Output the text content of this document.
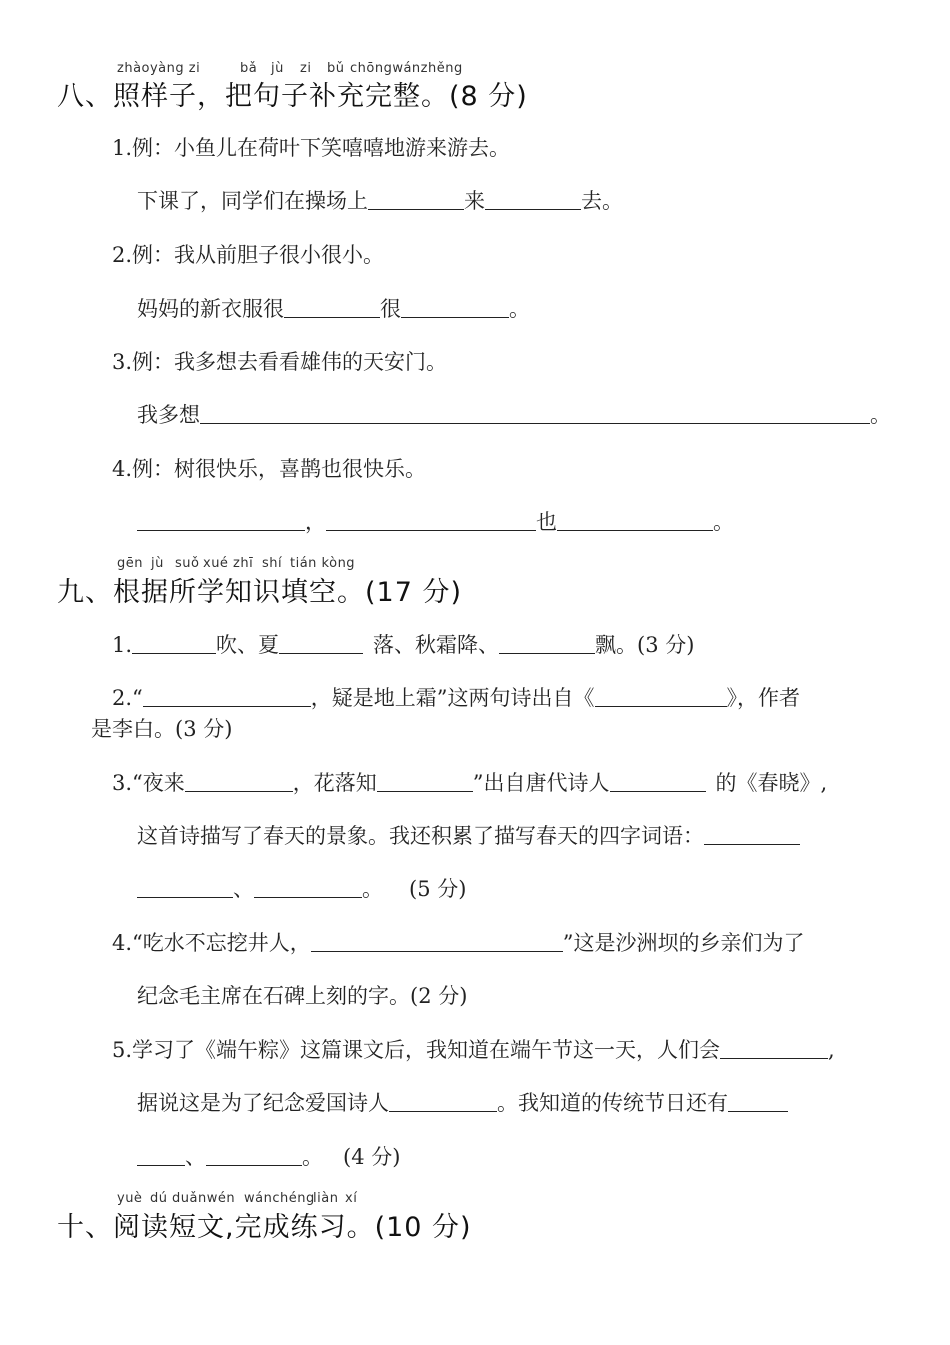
zhàoyàng zi	bǎ jù zi bǔ chōngwánzhěng
八、照样子，把句子补充完整。(8 分)
1.例：小鱼儿在荷叶下笑嘻嘻地游来游去。
下课了，同学们在操场上	来	去。
2.例：我从前胆子很小很小。
妈妈的新衣服很	很	。
3.例：我多想去看看雄伟的天安门。
我多想	。
4.例：树很快乐，喜鹊也很快乐。
，	也	。
gēn jù suǒ xué zhī shí tián kòng
九、根据所学知识填空。(17 分)
1.	吹、夏	落、秋霜降、	飘。(3 分)
2.“	，疑是地上霜”这两句诗出自《	》，作者
是李白。(3 分)
3.“夜来	，花落知	”出自唐代诗人	的《春晓》,
这首诗描写了春天的景象。我还积累了描写春天的四字词语：
、	。 (5 分)
4.“吃水不忘挖井人，	”这是沙洲坝的乡亲们为了
纪念毛主席在石碑上刻的字。(2 分)
5.学习了《端午粽》这篇课文后，我知道在端午节这一天，人们会	,
据说这是为了纪念爱国诗人	。我知道的传统节日还有
、	。 (4 分)
yuè dú duǎnwén wánchéng
liàn xí
十、阅读短文,完成练习。(10 分)
